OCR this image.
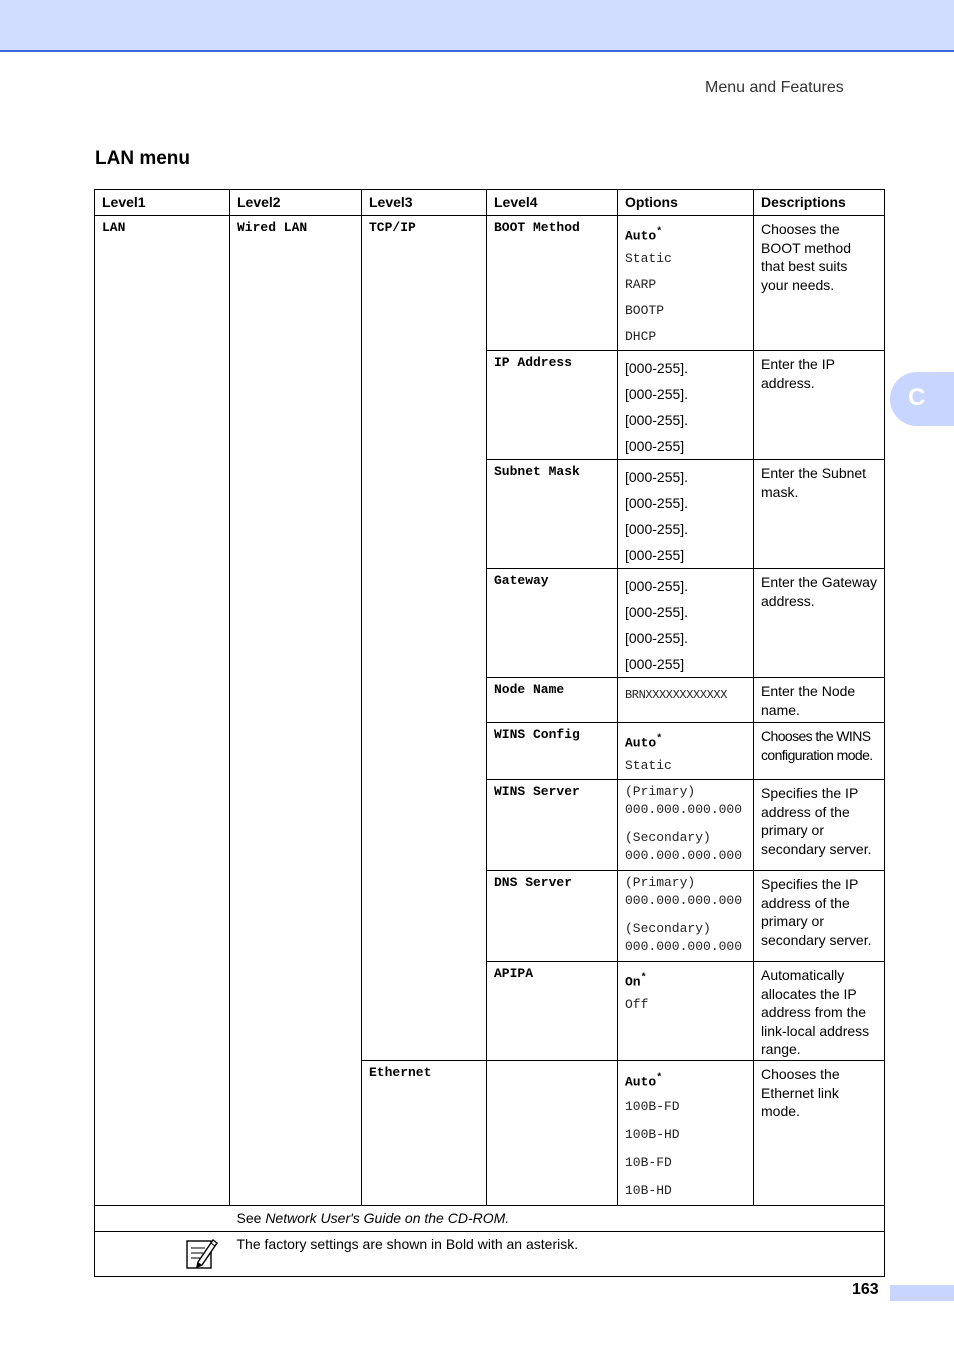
Menu and Features
LAN menu
C
Level1	Level2	Level3	Level4	Options	Descriptions
LAN	Wired LAN	TCP/IP	BOOT Method	Auto*
Static
RARP
BOOTP
DHCP	Chooses the BOOT method that best suits your needs.
			IP Address	[000-255].
[000-255].
[000-255].
[000-255]	Enter the IP address.
			Subnet Mask	[000-255].
[000-255].
[000-255].
[000-255]	Enter the Subnet mask.
			Gateway	[000-255].
[000-255].
[000-255].
[000-255]	Enter the Gateway address.
			Node Name	BRNXXXXXXXXXXXX	Enter the Node name.
			WINS Config	Auto*
Static	Chooses the WINS configuration mode.
			WINS Server	(Primary)
000.000.000.000
(Secondary)
000.000.000.000	Specifies the IP address of the primary or secondary server.
			DNS Server	(Primary)
000.000.000.000
(Secondary)
000.000.000.000	Specifies the IP address of the primary or secondary server.
			APIPA	On*
Off	Automatically allocates the IP address from the link-local address range.
		Ethernet		Auto*
100B-FD
100B-HD
10B-FD
10B-HD	Chooses the Ethernet link mode.
	See Network User's Guide on the CD-ROM.				

	The factory settings are shown in Bold with an asterisk.				
163
